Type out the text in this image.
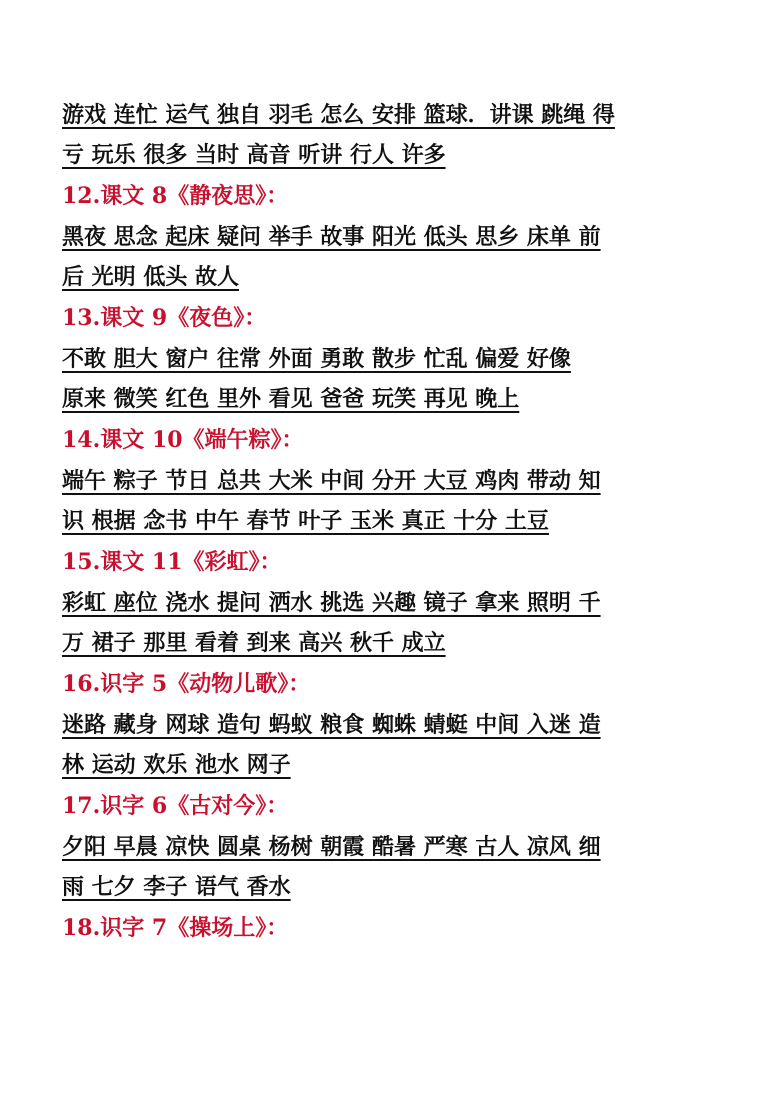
游戏 连忙 运气 独自 羽毛 怎么 安排 篮球．讲课 跳绳 得
亏 玩乐 很多 当时 高音 听讲 行人 许多
12.课文 8《静夜思》：
黑夜 思念 起床 疑问 举手 故事 阳光 低头 思乡 床单 前
后 光明 低头 故人
13.课文 9《夜色》：
不敢 胆大 窗户 往常 外面 勇敢 散步 忙乱 偏爱 好像
原来 微笑 红色 里外 看见 爸爸 玩笑 再见 晚上
14.课文 10《端午粽》：
端午 粽子 节日 总共 大米 中间 分开 大豆 鸡肉 带动 知
识 根据 念书 中午 春节 叶子 玉米 真正 十分 土豆
15.课文 11《彩虹》：
彩虹 座位 浇水 提问 洒水 挑选 兴趣 镜子 拿来 照明 千
万 裙子 那里 看着 到来 高兴 秋千 成立
16.识字 5《动物儿歌》：
迷路 藏身 网球 造句 蚂蚁 粮食 蜘蛛 蜻蜓 中间 入迷 造
林 运动 欢乐 池水 网子
17.识字 6《古对今》：
夕阳 早晨 凉快 圆桌 杨树 朝霞 酷暑 严寒 古人 凉风 细
雨 七夕 李子 语气 香水
18.识字 7《操场上》：
